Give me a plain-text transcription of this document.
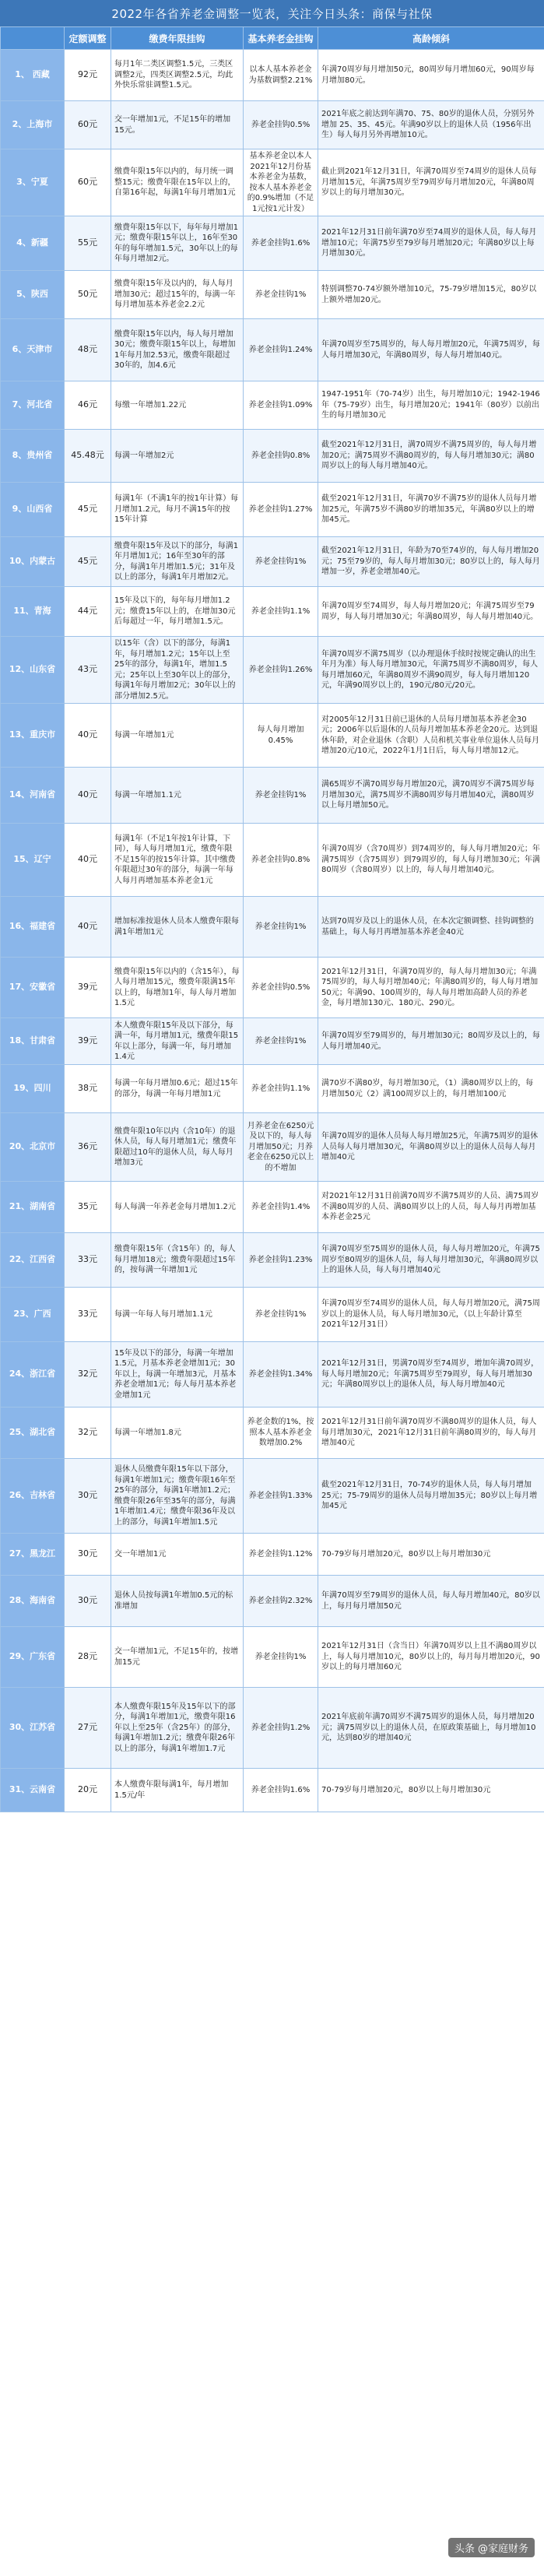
2022年各省养老金调整一览表，关注今日头条：商保与社保
	定额调整	缴费年限挂钩	基本养老金挂钩	高龄倾斜
1、 西藏	92元	每月1年二类区调整1.5元，三类区调整2元，四类区调整2.5元，均此外快乐常驻调整1.5元。	以本人基本养老金为基数调整2.21%	年满70周岁每月增加50元，80周岁每月增加60元，90周岁每月增加80元。
2、上海市	60元	交一年增加1元，不足15年的增加15元。	养老金挂钩0.5%	2021年底之前达到年满70、75、80岁的退休人员，分别另外增加 25、35、45元。年满90岁以上的退休人员（1956年出生）每人每月另外再增加10元。
3、宁夏	60元	缴费年限15年以内的，每月统一调整15元；缴费年限在15年以上的，自第16年起，每满1年每月增加1元	基本养老金以本人2021年12月份基本养老金为基数，按本人基本养老金的0.9%增加（不足1元按1元计发）	截止到2021年12月31日，年满70周岁至74周岁的退休人员每月增加15元，年满75周岁至79周岁每月增加20元，年满80周岁以上的每月增加30元。
4、新疆	55元	缴费年限15年以下，每年每月增加1元；缴费年限15年以上，16年至30年的每年增加1.5元，30年以上的每年每月增加2元。	养老金挂钩1.6%	2021年12月31日前年满70岁至74周岁的退休人员，每人每月增加10元；年满75岁至79岁每月增加20元；年满80岁以上每月增加30元。
5、陕西	50元	缴费年限15年及以内的，每人每月增加30元；超过15年的，每满一年每月增加基本养老金2.2元	养老金挂钩1%	特别调整70-74岁额外增加10元，75-79岁增加15元，80岁以上额外增加20元。
6、天津市	48元	缴费年限15年以内，每人每月增加30元；缴费年限15年以上，每增加1年每月加2.53元，缴费年限超过30年的，加4.6元	养老金挂钩1.24%	年满70周岁至75周岁的，每人每月增加20元，年满75周岁，每人每月增加30元，年满80周岁，每人每月增加40元。
7、河北省	46元	每缴一年增加1.22元	养老金挂钩1.09%	1947-1951年（70-74岁）出生，每月增加10元；1942-1946年（75-79岁）出生，每月增加20元；1941年（80岁）以前出生的每月增加30元
8、贵州省	45.48元	每满一年增加2元	养老金挂钩0.8%	截至2021年12月31日，满70周岁不满75周岁的，每人每月增加20元；满75周岁不满80周岁的，每人每月增加30元；满80周岁以上的每人每月增加40元。
9、山西省	45元	每满1年（不满1年的按1年计算）每月增加1.2元，每月不满15年的按15年计算	养老金挂钩1.27%	截至2021年12月31日，年满70岁不满75岁的退休人员每月增加25元，年满75岁不满80岁的增加35元，年满80岁以上的增加45元。
10、内蒙古	45元	缴费年限15年及以下的部分，每满1年月增加1元；16年至30年的部分，每满1年月增加1.5元；31年及以上的部分，每满1年月增加2元。	养老金挂钩1%	截至2021年12月31日，年龄为70至74岁的，每人每月增加20元；75至79岁的，每人每月增加30元；80岁以上的，每人每月增加一岁，养老金增加40元。
11、青海	44元	15年及以下的，每年每月增加1.2元；缴费15年以上的，在增加30元后每超过一年，每月增加1.5元。	养老金挂钩1.1%	年满70周岁至74周岁，每人每月增加20元；年满75周岁至79周岁，每人每月增加30元；年满80周岁，每人每月增加40元。
12、山东省	43元	以15年（含）以下的部分，每满1年，每月增加1.2元；15年以上至25年的部分，每满1年，增加1.5元；25年以上至30年以上的部分，每满1年每月增加2元；30年以上的部分增加2.5元。	养老金挂钩1.26%	年满70周岁不满75周岁（以办理退休手续时按规定确认的出生年月为准）每人每月增加30元，年满75周岁不满80周岁，每人每月增加60元，年满80周岁不满90周岁，每人每月增加120元，年满90周岁以上的，190元/80元/20元。
13、重庆市	40元	每满一年增加1元	每人每月增加0.45%	对2005年12月31日前已退休的人员每月增加基本养老金30元；2006年以后退休的人员每月增加基本养老金20元。达到退休年龄，对企业退休（含职）人员和机关事业单位退休人员每月增加20元/10元，2022年1月1日后，每人每月增加12元。
14、河南省	40元	每满一年增加1.1元	养老金挂钩1%	满65周岁不满70周岁每月增加20元，满70周岁不满75周岁每月增加30元，满75周岁不满80周岁每月增加40元，满80周岁以上每月增加50元。
15、辽宁	40元	每满1年（不足1年按1年计算，下同），每人每月增加1元，缴费年限不足15年的按15年计算。其中缴费年限超过30年的部分，每满一年每人每月再增加基本养老金1元	养老金挂钩0.8%	年满70周岁（含70周岁）到74周岁的，每人每月增加20元；年满75周岁（含75周岁）到79周岁的，每人每月增加30元；年满80周岁（含80周岁）以上的，每人每月增加40元。
16、福建省	40元	增加标准按退休人员本人缴费年限每满1年增加1元	养老金挂钩1%	达到70周岁及以上的退休人员，在本次定额调整、挂钩调整的基础上，每人每月再增加基本养老金40元
17、安徽省	39元	缴费年限15年以内的（含15年），每人每月增加15元，缴费年限满15年以上的，每增加1年，每人每月增加1.5元	养老金挂钩0.5%	2021年12月31日，年满70周岁的，每人每月增加30元；年满75周岁的，每人每月增加40元；年满80周岁的，每人每月增加50元；年满90、100周岁的，每人每月增加高龄人员的养老金，每月增加130元、180元、290元。
18、甘肃省	39元	本人缴费年限15年及以下部分，每满一年，每月增加1元，缴费年限15年以上部分，每满一年，每月增加1.4元	养老金挂钩1%	年满70周岁至79周岁的，每月增加30元；80周岁及以上的，每人每月增加40元。
19、四川	38元	每满一年每月增加0.6元；超过15年的部分，每满一年每月增加1元	养老金挂钩1.1%	满70岁不满80岁，每月增加30元，（1）满80周岁以上的，每月增加50元（2）满100周岁以上的，每月增加100元
20、北京市	36元	缴费年限10年以内（含10年）的退休人员，每人每月增加1元；缴费年限超过10年的退休人员，每人每月增加3元	月养老金在6250元及以下的，每人每月增加50元；月养老金在6250元以上的不增加	年满70周岁的退休人员每人每月增加25元，年满75周岁的退休人员每人每月增加30元，年满80周岁以上的退休人员每人每月增加40元
21、湖南省	35元	每人每满一年养老金每月增加1.2元	养老金挂钩1.4%	对2021年12月31日前满70周岁不满75周岁的人员、满75周岁不满80周岁的人员、满80周岁以上的人员，每人每月再增加基本养老金25元
22、江西省	33元	缴费年限15年（含15年）的，每人每月增加18元；缴费年限超过15年的，按每满一年增加1元	养老金挂钩1.23%	年满70周岁至75周岁的退休人员，每人每月增加20元，年满75周岁至80周岁的退休人员，每人每月增加30元，年满80周岁以上的退休人员，每人每月增加40元
23、广西	33元	每满一年每人每月增加1.1元	养老金挂钩1%	年满70周岁至74周岁的退休人员，每人每月增加20元，满75周岁以上的退休人员，每人每月增加30元，（以上年龄计算至2021年12月31日）
24、浙江省	32元	15年及以下的部分，每满一年增加1.5元，月基本养老金增加1元；30年以上，每满一年增加3元，月基本养老金增加1元；每人每月基本养老金增加1元	养老金挂钩1.34%	2021年12月31日，男满70周岁至74周岁，增加年满70周岁，每人每月增加20元；年满75周岁至79周岁，每人每月增加30元；年满80周岁以上的退休人员，每人每月增加40元
25、湖北省	32元	每满一年增加1.8元	养老金数的1%，按照本人基本养老金数增加0.2%	2021年12月31日前年满70周岁不满80周岁的退休人员，每人每月增加30元，2021年12月31日前年满80周岁的，每人每月增加40元
26、吉林省	30元	退休人员缴费年限15年以下部分，每满1年增加1元；缴费年限16年至25年的部分，每满1年增加1.2元；缴费年限26年至35年的部分，每满1年增加1.4元；缴费年限36年及以上的部分，每满1年增加1.5元	养老金挂钩1.33%	截至2021年12月31日，70-74岁的退休人员，每人每月增加25元；75-79周岁的退休人员每月增加35元；80岁以上每月增加45元
27、黑龙江	30元	交一年增加1元	养老金挂钩1.12%	70-79岁每月增加20元，80岁以上每月增加30元
28、海南省	30元	退休人员按每满1年增加0.5元的标准增加	养老金挂钩2.32%	年满70周岁至79周岁的退休人员，每人每月增加40元，80岁以上，每月每月增加50元
29、广东省	28元	交一年增加1元，不足15年的，按增加15元	养老金挂钩1%	2021年12月31日（含当日）年满70周岁以上且不满80周岁以上，每人每月增加10元，80岁以上的，每月每月增加20元，90岁以上的每月增加60元
30、江苏省	27元	本人缴费年限15年及15年以下的部分，每满1年增加1元，缴费年限16年以上至25年（含25年）的部分，每满1年增加1.2元；缴费年限26年以上的部分，每满1年增加1.7元	养老金挂钩1.2%	2021年底前年满70周岁不满75周岁的退休人员，每月增加20元；满75周岁以上的退休人员，在原政策基础上，每月增加10元，达到80岁的增加40元
31、云南省	20元	本人缴费年限每满1年，每月增加1.5元/年	养老金挂钩1.6%	70-79岁每月增加20元，80岁以上每月增加30元
头条 @家庭财务
